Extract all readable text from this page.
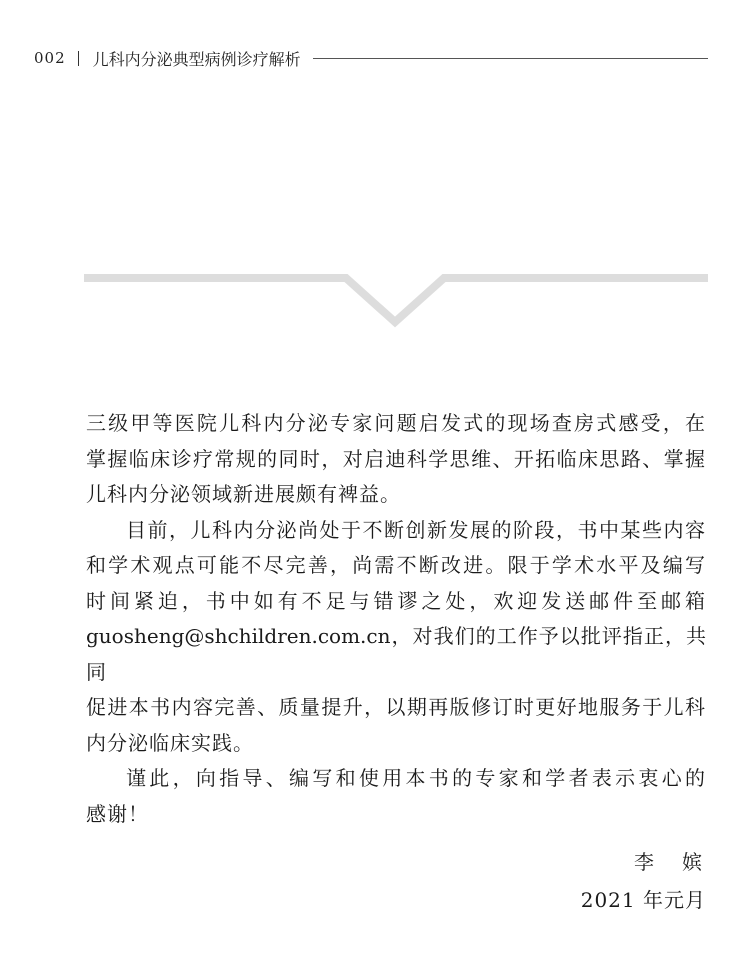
002 儿科内分泌典型病例诊疗解析

三级甲等医院儿科内分泌专家问题启发式的现场查房式感受，在

掌握临床诊疗常规的同时，对启迪科学思维、开拓临床思路、掌握

儿科内分泌领域新进展颇有裨益。

目前，儿科内分泌尚处于不断创新发展的阶段，书中某些内容

和学术观点可能不尽完善，尚需不断改进。限于学术水平及编写

时间紧迫，书中如有不足与错谬之处，欢迎发送邮件至邮箱

guosheng@shchildren.com.cn，对我们的工作予以批评指正，共同

促进本书内容完善、质量提升，以期再版修订时更好地服务于儿科

内分泌临床实践。

谨此，向指导、编写和使用本书的专家和学者表示衷心的

感谢！

李　嫔
2021 年元月
